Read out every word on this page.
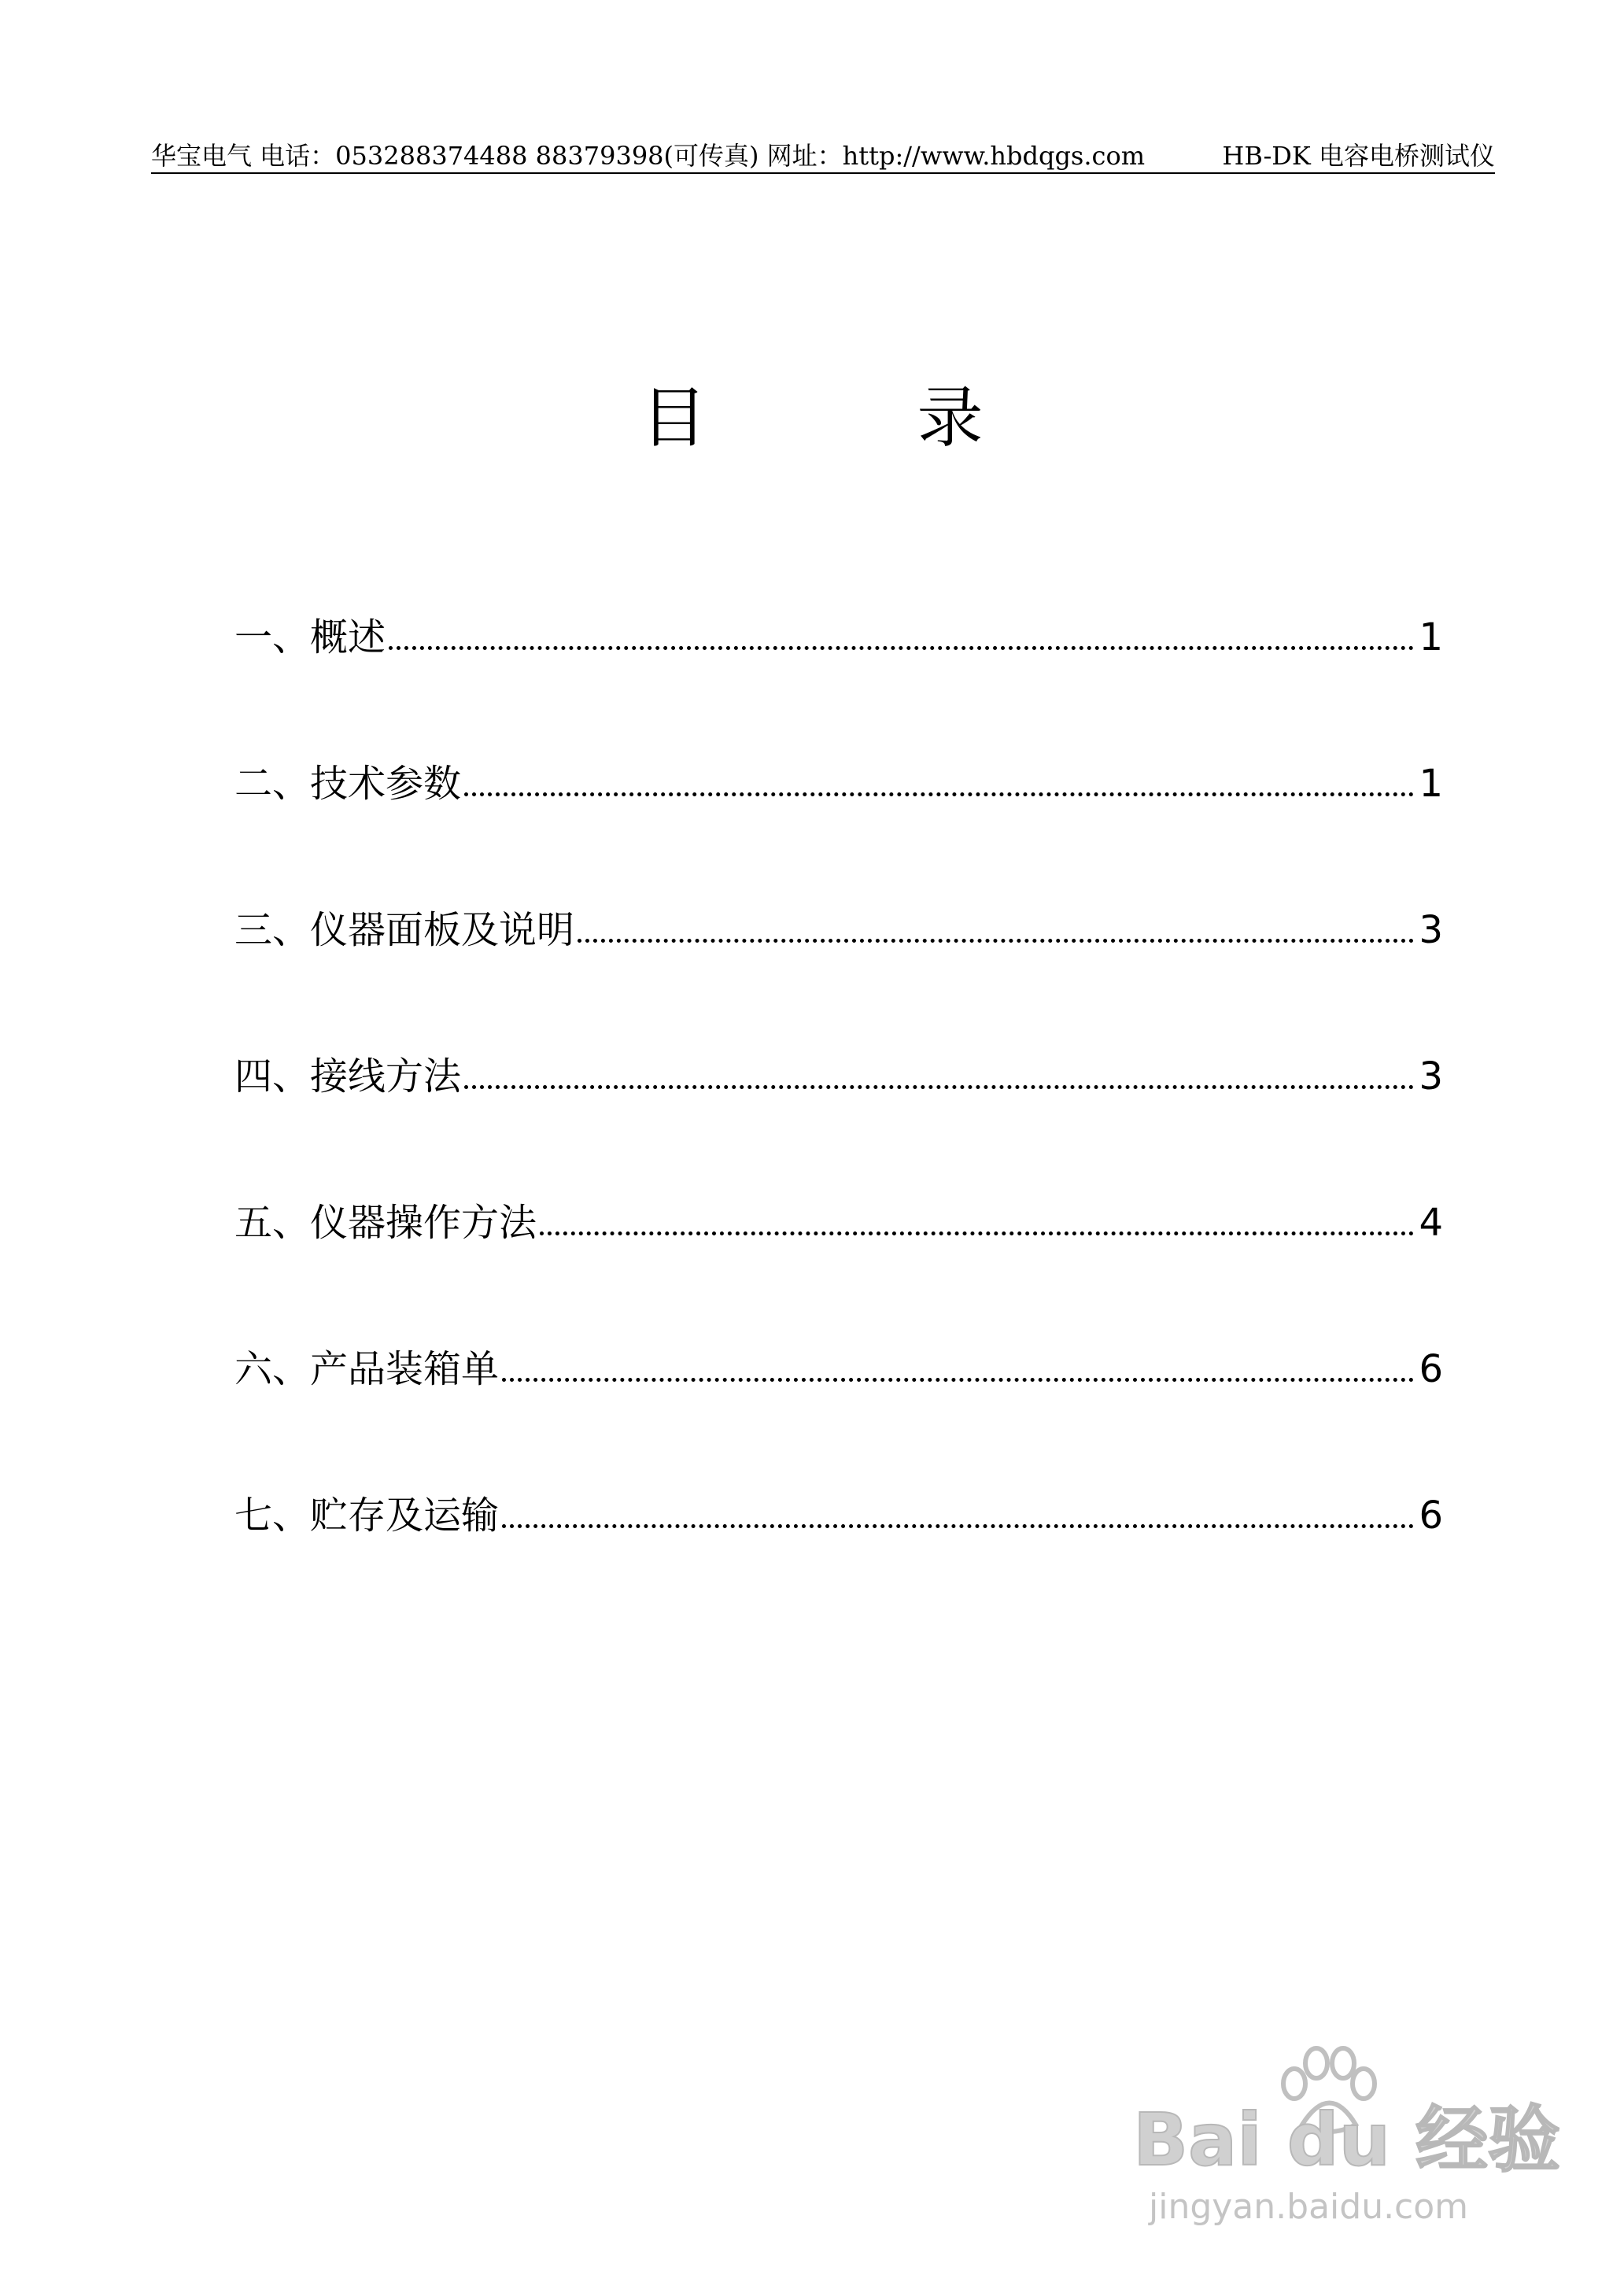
华宝电气 电话：053288374488 88379398(可传真) 网址：http://www.hbdqgs.com	HB-DK 电容电桥测试仪
目          录
一、概述	1
二、技术参数	1
三、仪器面板及说明	3
四、接线方法	3
五、仪器操作方法	4
六、产品装箱单	6
七、贮存及运输	6
Bai du 经验
jingyan.baidu.com
